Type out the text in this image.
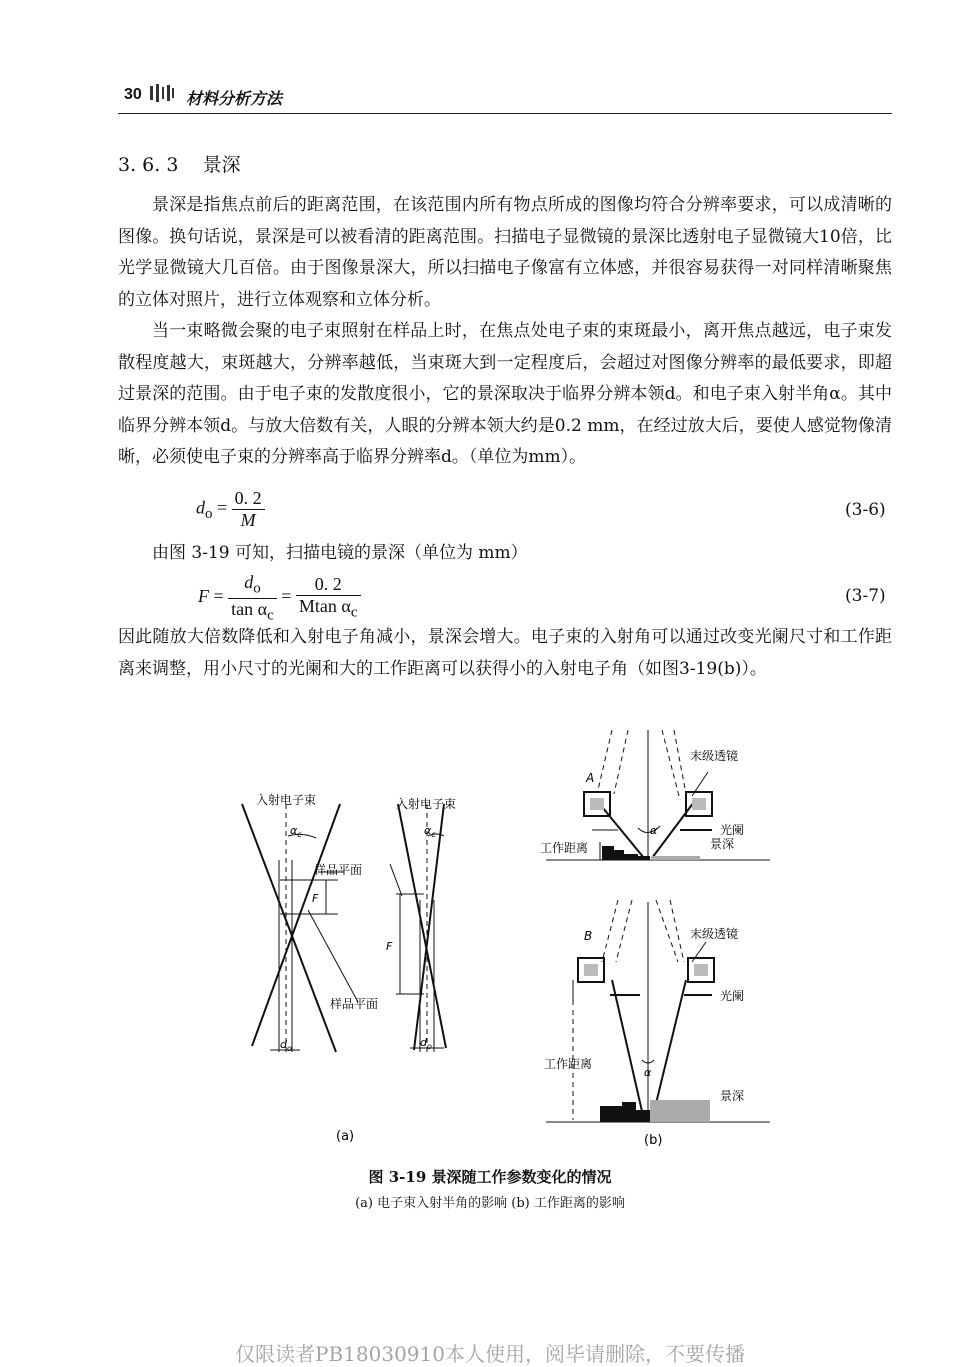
30	材料分析方法
3. 6. 3 景深

景深是指焦点前后的距离范围，在该范围内所有物点所成的图像均符合分辨率要求，可以成清晰的图像。换句话说，景深是可以被看清的距离范围。扫描电子显微镜的景深比透射电子显微镜大10倍，比光学显微镜大几百倍。由于图像景深大，所以扫描电子像富有立体感，并很容易获得一对同样清晰聚焦的立体对照片，进行立体观察和立体分析。

当一束略微会聚的电子束照射在样品上时，在焦点处电子束的束斑最小，离开焦点越远，电子束发散程度越大，束斑越大，分辨率越低，当束斑大到一定程度后，会超过对图像分辨率的最低要求，即超过景深的范围。由于电子束的发散度很小，它的景深取决于临界分辨本领d。和电子束入射半角α。其中临界分辨本领d。与放大倍数有关，人眼的分辨本领大约是0.2 mm，在经过放大后，要使人感觉物像清晰，必须使电子束的分辨率高于临界分辨率d。（单位为mm）。

$d_o = \frac{0. 2}{M}$	(3-6)

由图 3-19 可知，扫描电镜的景深（单位为 mm）

$F = \frac{d_o}{\tan \alpha_c} = \frac{0. 2}{Mtan \alpha_c}$	(3-7)

因此随放大倍数降低和入射电子角减小，景深会增大。电子束的入射角可以通过改变光阑尺寸和工作距离来调整，用小尺寸的光阑和大的工作距离可以获得小的入射电子角（如图3-19(b)）。

入射电子束	入射电子束
$\alpha_c$	$\alpha_c$
样品平面
样品平面
F
F
$d_o$	$d_o$
(a)
A
B
末级透镜
末级透镜
光阑
光阑
景深
景深
工作距离
工作距离
α
α
(b)
图 3-19 景深随工作参数变化的情况
(a) 电子束入射半角的影响 (b) 工作距离的影响
仅限读者PB18030910本人使用，阅毕请删除，不要传播
